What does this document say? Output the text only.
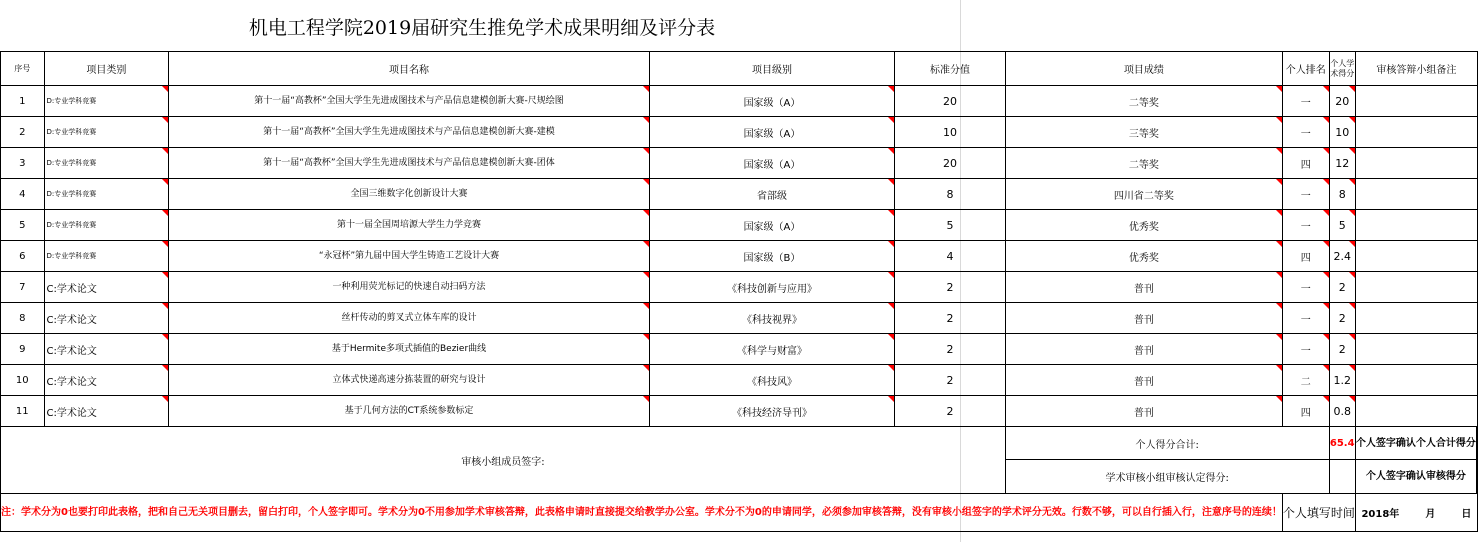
机电工程学院2019届研究生推免学术成果明细及评分表
序号	项目类别	项目名称	项目级别	标准分值	项目成绩	个人排名	个人学术得分	审核答辩小组备注	
1	D:专业学科竞赛	第十一届“高教杯”全国大学生先进成图技术与产品信息建模创新大赛-尺规绘图	国家级（A）	20	二等奖	一	20		
2	D:专业学科竞赛	第十一届“高教杯”全国大学生先进成图技术与产品信息建模创新大赛-建模	国家级（A）	10	三等奖	一	10		
3	D:专业学科竞赛	第十一届“高教杯”全国大学生先进成图技术与产品信息建模创新大赛-团体	国家级（A）	20	二等奖	四	12		
4	D:专业学科竞赛	全国三维数字化创新设计大赛	省部级	8	四川省二等奖	一	8		
5	D:专业学科竞赛	第十一届全国周培源大学生力学竞赛	国家级（A）	5	优秀奖	一	5		
6	D:专业学科竞赛	“永冠杯”第九届中国大学生铸造工艺设计大赛	国家级（B）	4	优秀奖	四	2.4		
7	C:学术论文	一种利用荧光标记的快速自动扫码方法	《科技创新与应用》	2	普刊	一	2		
8	C:学术论文	丝杆传动的剪叉式立体车库的设计	《科技视界》	2	普刊	一	2		
9	C:学术论文	基于Hermite多项式插值的Bezier曲线	《科学与财富》	2	普刊	一	2		
10	C:学术论文	立体式快递高速分拣装置的研究与设计	《科技风》	2	普刊	二	1.2		
11	C:学术论文	基于几何方法的CT系统参数标定	《科技经济导刊》	2	普刊	四	0.8		
审核小组成员签字:					个人得分合计:		65.4	个人签字确认个人合计得分	
					学术审核小组审核认定得分:			个人签字确认审核得分	
注：学术分为0也要打印此表格，把和自己无关项目删去，留白打印，个人签字即可。学术分为0不用参加学术审核答辩，此表格申请时直接提交给教学办公室。学术分不为0的申请同学，必须参加审核答辩，没有审核小组签字的学术评分无效。行数不够，可以自行插入行，注意序号的连续！						个人填写时间		2018年 月 日	
